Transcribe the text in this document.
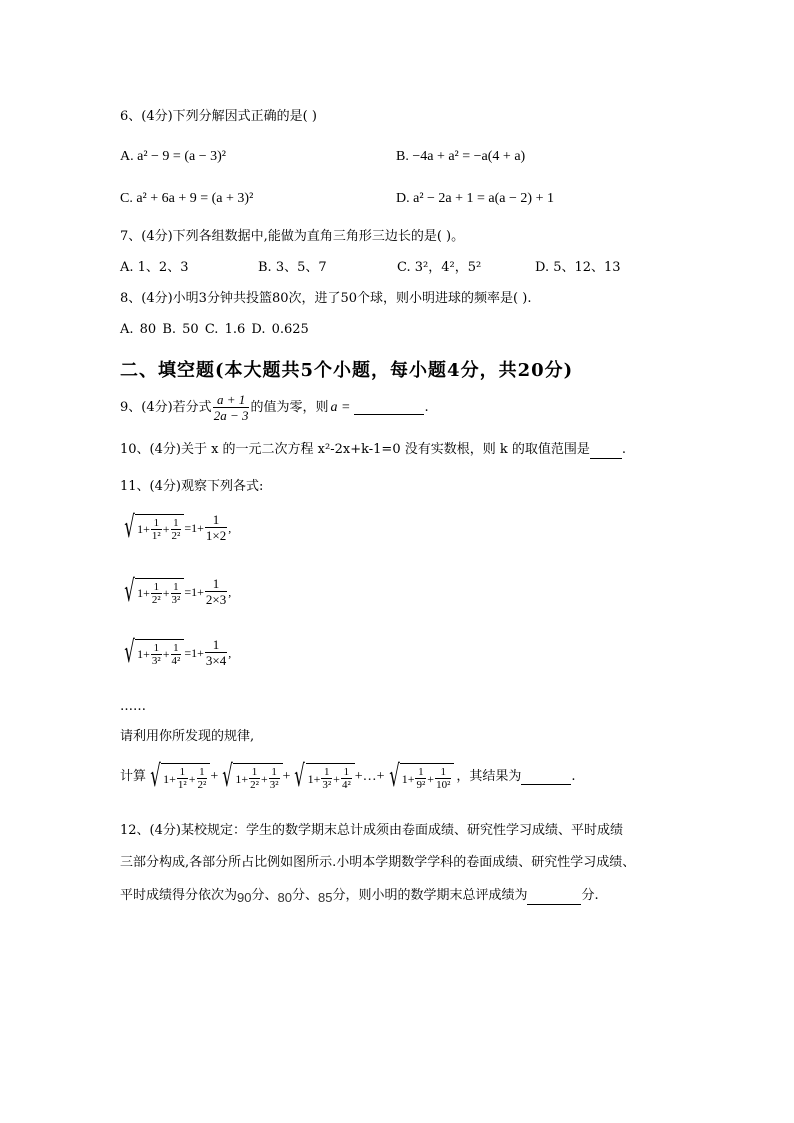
6、(4分)下列分解因式正确的是( )
A. a² − 9 = (a − 3)²	B. −4a + a² = −a(4 + a)
C. a² + 6a + 9 = (a + 3)²	D. a² − 2a + 1 = a(a − 2) + 1
7、(4分)下列各组数据中,能做为直角三角形三边长的是( )。
A. 1、2、3	B. 3、5、7	C. 3²，4²，5²	D. 5、12、13
8、(4分)小明3分钟共投篮80次，进了50个球，则小明进球的频率是( ).
A. 80 B. 50 C. 1.6 D. 0.625
二、填空题(本大题共5个小题，每小题4分，共20分)
9、(4分)若分式 $\frac{a + 1}{2a - 3}$ 的值为零，则 a =	.
10、(4分)关于 x 的一元二次方程 x²-2x+k-1=0 没有实数根，则 k 的取值范围是 .
11、(4分)观察下列各式:
√ $1+ \frac{1}{\text{1²}} + \frac{1}{\text{2²}} =1+ \frac{1}{1\times 2}$ ,
√ $1+ \frac{1}{\text{2²}} + \frac{1}{\text{3²}} =1+ \frac{1}{2\times 3}$ ,
√ $1+ \frac{1}{\text{3²}} + \frac{1}{\text{4²}} =1+ \frac{1}{3\times 4}$ ,
……
请利用你所发现的规律,
计算 √ $1+ \frac{1}{\text{1²}} + \frac{1}{\text{2²}}$ + √ $1+ \frac{1}{\text{2²}} + \frac{1}{\text{3²}}$ + √ $1+ \frac{1}{\text{3²}} + \frac{1}{\text{4²}}$ +…+ √ $1+ \frac{1}{\text{9²}} + \frac{1}{\text{10²}}$ ，其结果为	.
12、(4分)某校规定：学生的数学期末总计成须由卷面成绩、研究性学习成绩、平时成绩
三部分构成,各部分所占比例如图所示.小明本学期数学学科的卷面成绩、研究性学习成绩、
平时成绩得分依次为90分、80分、85分，则小明的数学期末总评成绩为	分.
